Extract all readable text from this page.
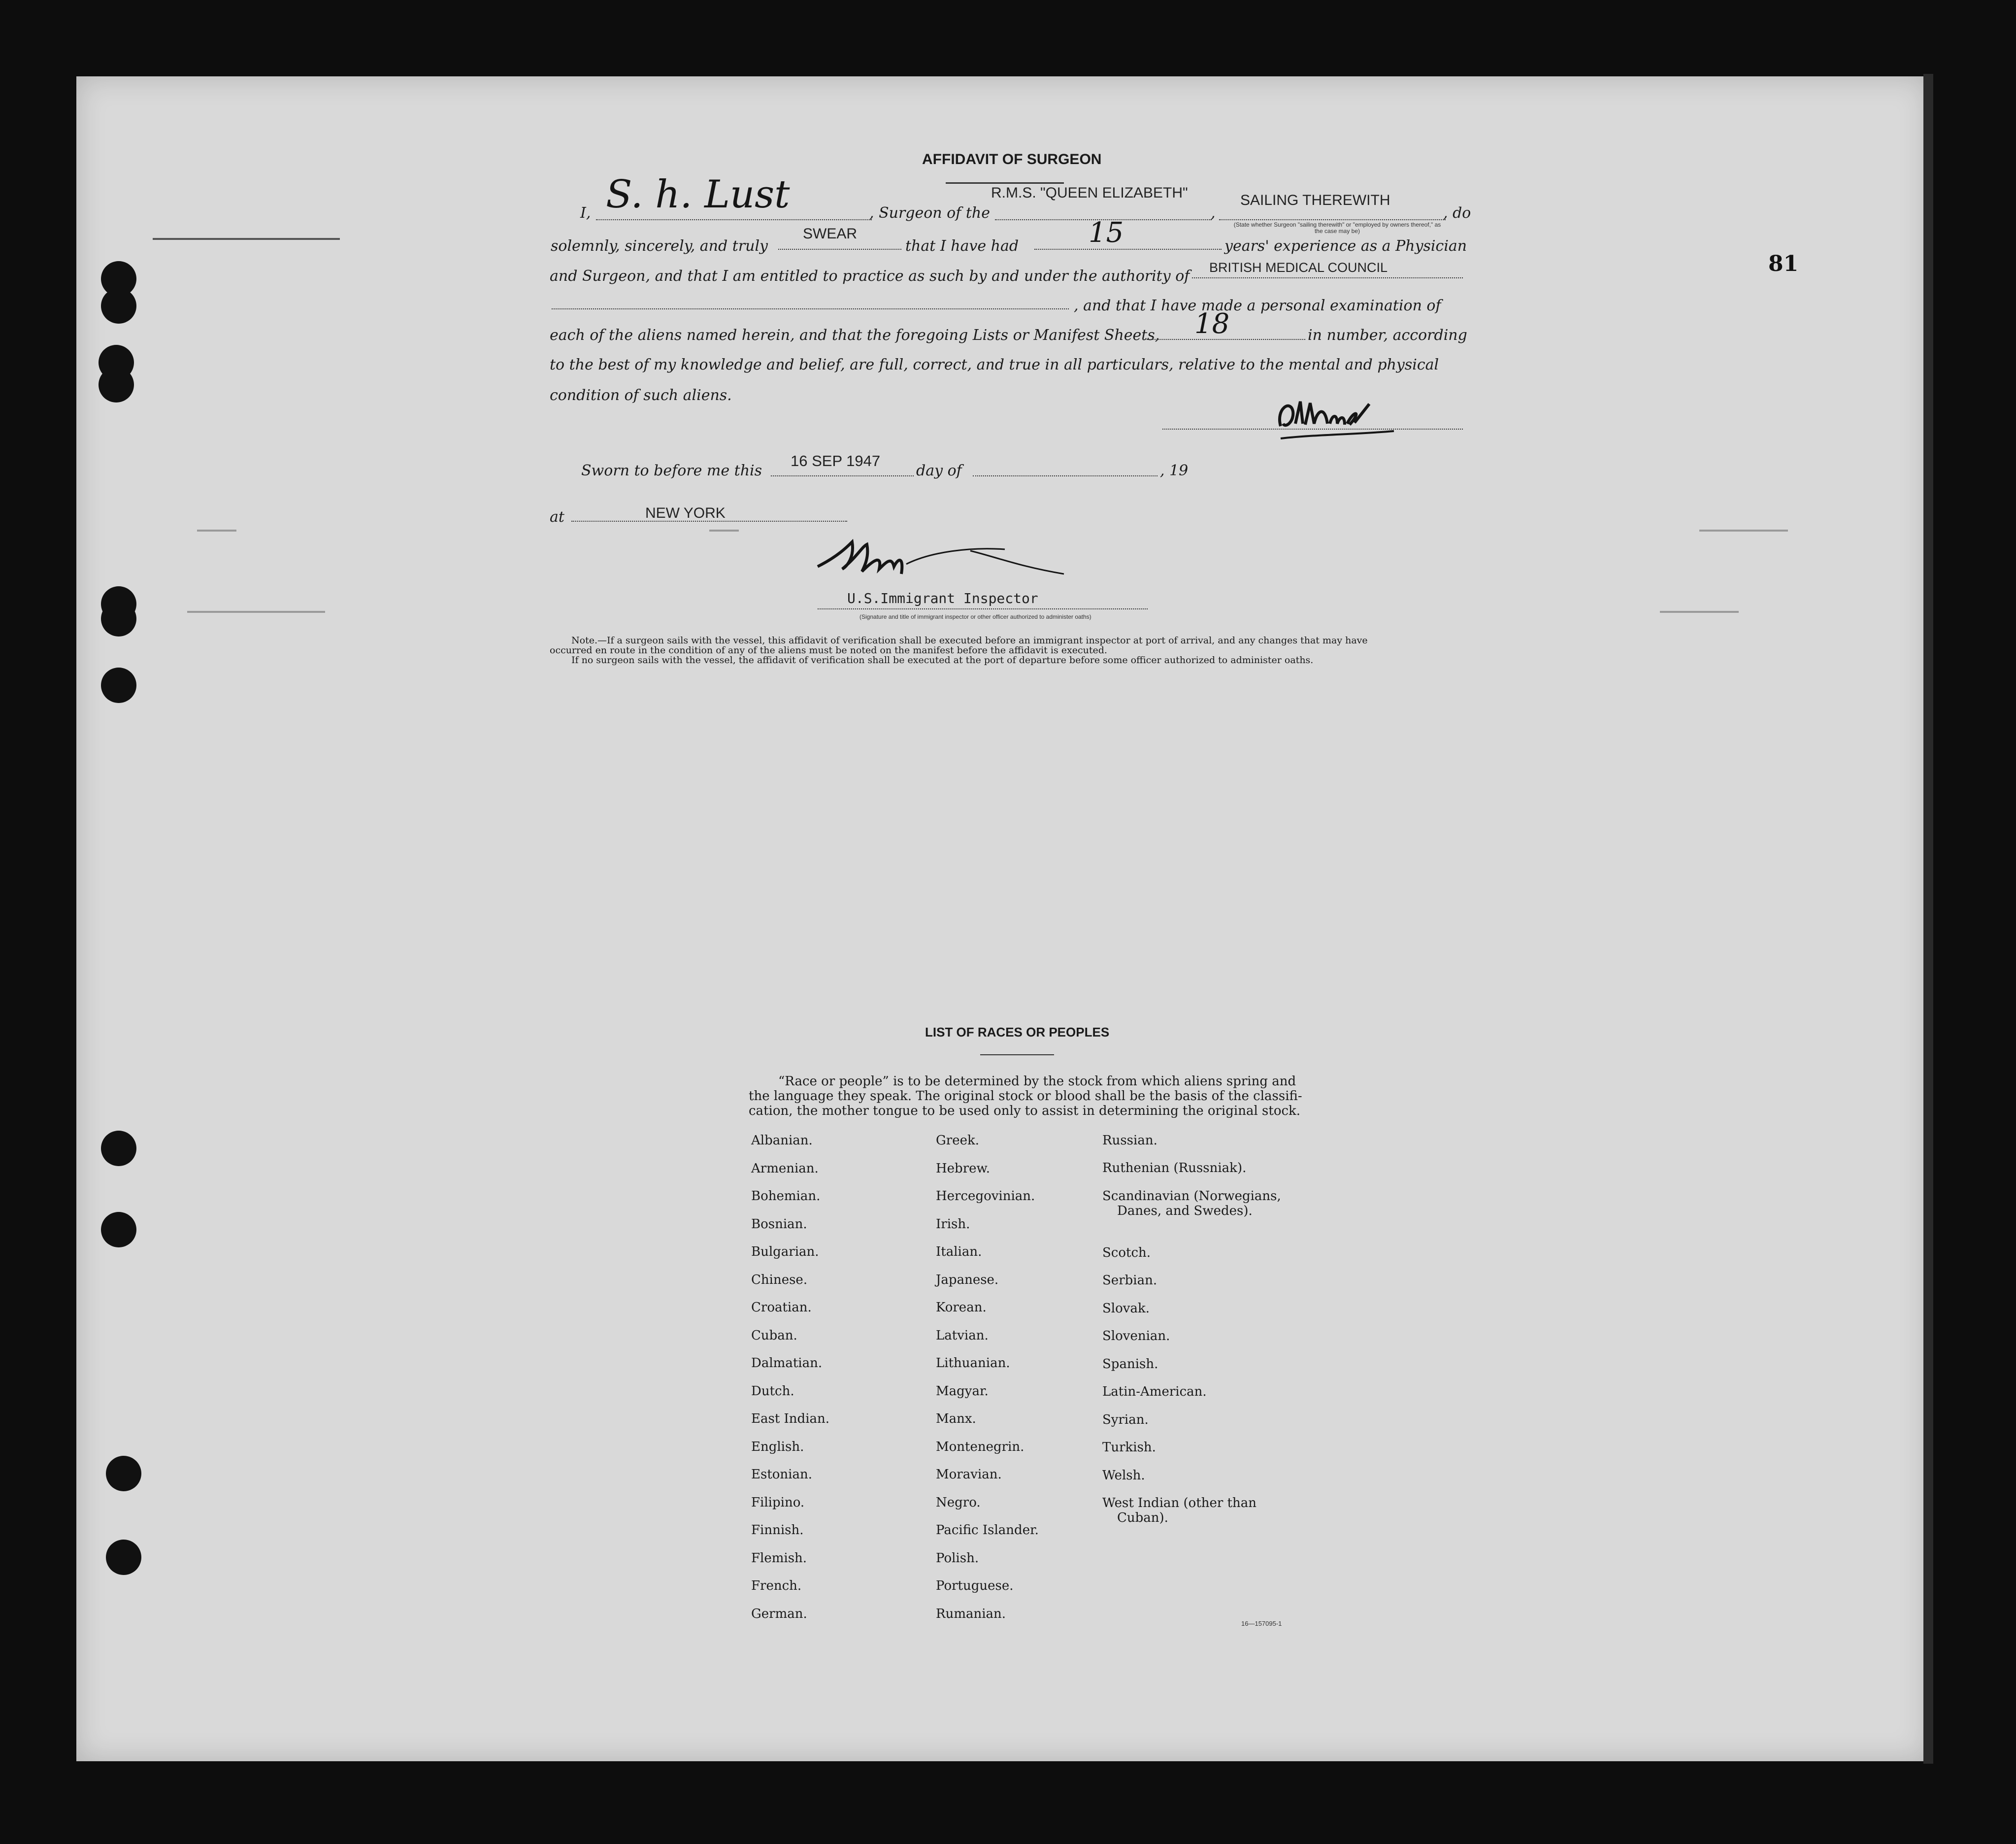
81
AFFIDAVIT OF SURGEON
I, S. h. Lust	, Surgeon of the
R.M.S. "QUEEN ELIZABETH"
,
SAILING THEREWITH
, do
(State whether Surgeon "sailing therewith" or "employed by owners thereof," as the case may be)
solemnly, sincerely, and truly
SWEAR
that I have had	15	years' experience as a Physician
and Surgeon, and that I am entitled to practice as such by and under the authority of BRITISH MEDICAL COUNCIL
, and that I have made a personal examination of
each of the aliens named herein, and that the foregoing Lists or Manifest Sheets, 18	in number, according
to the best of my knowledge and belief, are full, correct, and true in all particulars, relative to the mental and physical
condition of such aliens.
Sworn to before me this
16 SEP 1947
day of	, 19
at	NEW YORK
U.S.Immigrant Inspector
(Signature and title of immigrant inspector or other officer authorized to administer oaths)
Note.—If a surgeon sails with the vessel, this affidavit of verification shall be executed before an immigrant inspector at port of arrival, and any changes that may have
occurred en route in the condition of any of the aliens must be noted on the manifest before the affidavit is executed.
If no surgeon sails with the vessel, the affidavit of verification shall be executed at the port of departure before some officer authorized to administer oaths.
LIST OF RACES OR PEOPLES
“Race or people” is to be determined by the stock from which aliens spring and
the language they speak. The original stock or blood shall be the basis of the classifi-
cation, the mother tongue to be used only to assist in determining the original stock.
Albanian.
Armenian.
Bohemian.
Bosnian.
Bulgarian.
Chinese.
Croatian.
Cuban.
Dalmatian.
Dutch.
East Indian.
English.
Estonian.
Filipino.
Finnish.
Flemish.
French.
German.
Greek.
Hebrew.
Hercegovinian.
Irish.
Italian.
Japanese.
Korean.
Latvian.
Lithuanian.
Magyar.
Manx.
Montenegrin.
Moravian.
Negro.
Pacific Islander.
Polish.
Portuguese.
Rumanian.
Russian.
Ruthenian (Russniak).
Scandinavian (Norwegians,
Danes, and Swedes).
Scotch.
Serbian.
Slovak.
Slovenian.
Spanish.
Latin-American.
Syrian.
Turkish.
Welsh.
West Indian (other than
Cuban).
16—157095-1
